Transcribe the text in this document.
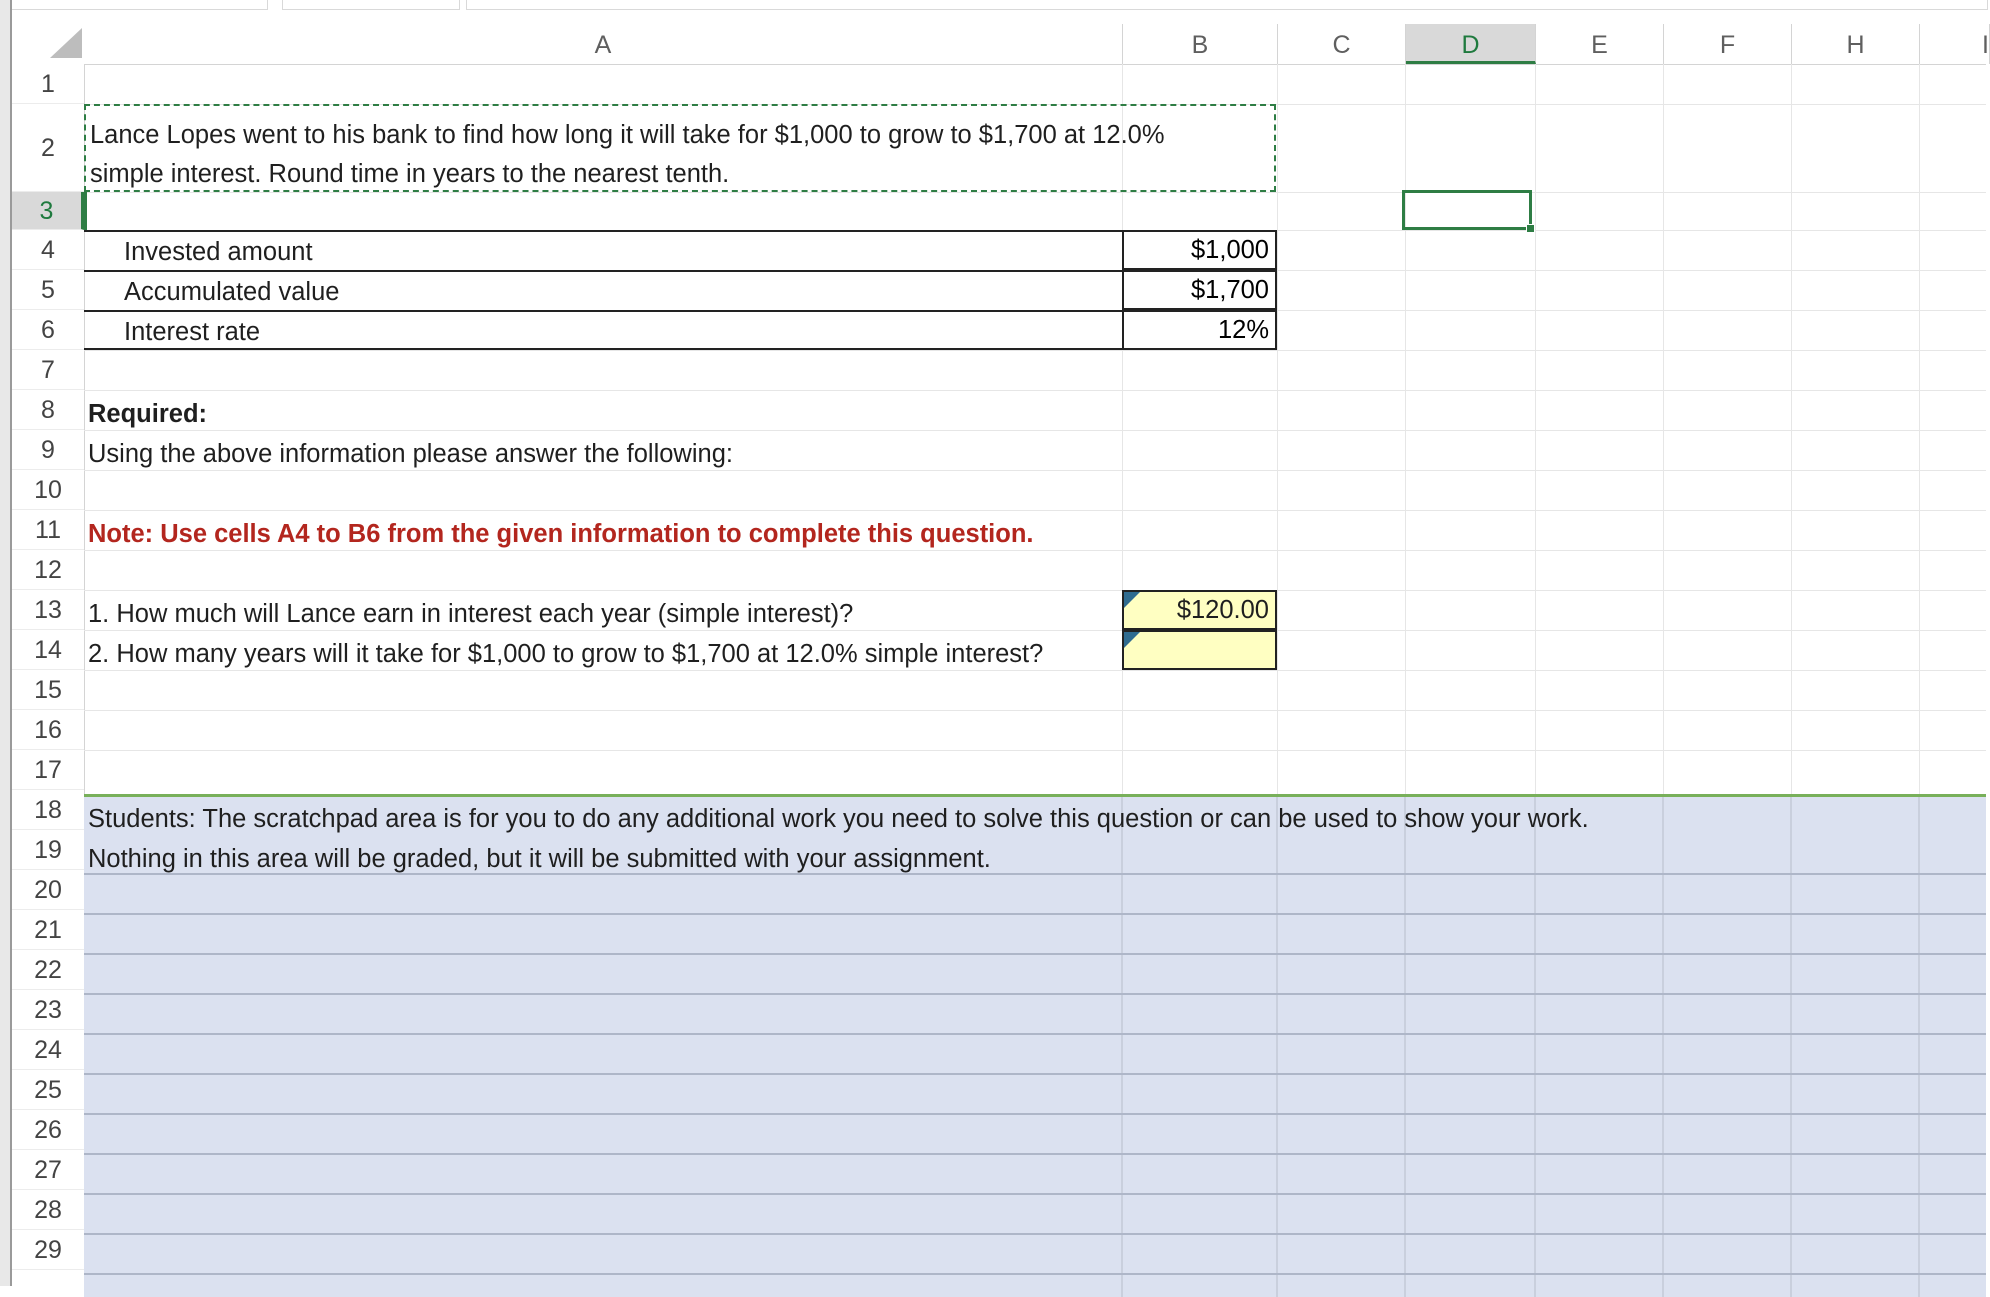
A	B	C	D	E	F	H	I
1
2
3
4
5
6
7
8
9
10
11
12
13
14
15
16
17
18
19
20
21
22
23
24
25
26
27
28
29
Lance Lopes went to his bank to find how long it will take for $1,000 to grow to $1,700 at 12.0%
simple interest. Round time in years to the nearest tenth.
Invested amount	$1,000
Accumulated value	$1,700
Interest rate	12%
Required:
Using the above information please answer the following:
Note: Use cells A4 to B6 from the given information to complete this question.
1. How much will Lance earn in interest each year (simple interest)?	$120.00
2. How many years will it take for $1,000 to grow to $1,700 at 12.0% simple interest?
Students: The scratchpad area is for you to do any additional work you need to solve this question or can be used to show your work.
Nothing in this area will be graded, but it will be submitted with your assignment.
